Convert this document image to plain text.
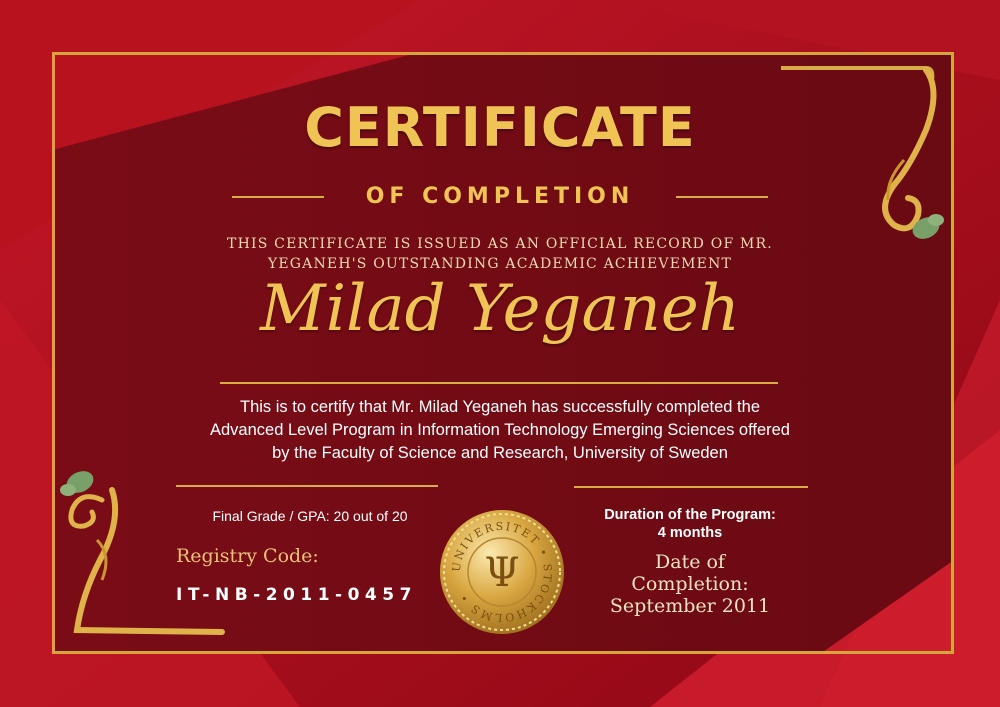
CERTIFICATE
OF COMPLETION
THIS CERTIFICATE IS ISSUED AS AN OFFICIAL RECORD OF MR.
YEGANEH'S OUTSTANDING ACADEMIC ACHIEVEMENT
Milad Yeganeh
This is to certify that Mr. Milad Yeganeh has successfully completed the
Advanced Level Program in Information Technology Emerging Sciences offered
by the Faculty of Science and Research, University of Sweden
Final Grade / GPA: 20 out of 20
Registry Code:
IT-NB-2011-0457
UNIVERSITET • STOCKHOLMS •
Ψ
Duration of the Program:
4 months
Date of
Completion:
September 2011
